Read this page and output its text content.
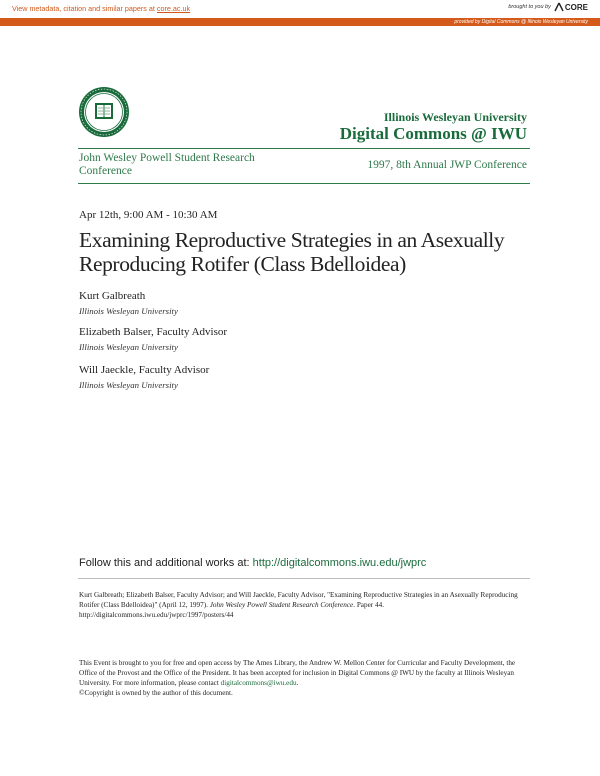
View metadata, citation and similar papers at core.ac.uk	brought to you by CORE
provided by Digital Commons @ Illinois Wesleyan University
Illinois Wesleyan University
Digital Commons @ IWU
John Wesley Powell Student Research Conference	1997, 8th Annual JWP Conference
Apr 12th, 9:00 AM - 10:30 AM
Examining Reproductive Strategies in an Asexually Reproducing Rotifer (Class Bdelloidea)
Kurt Galbreath
Illinois Wesleyan University
Elizabeth Balser, Faculty Advisor
Illinois Wesleyan University
Will Jaeckle, Faculty Advisor
Illinois Wesleyan University
Follow this and additional works at: http://digitalcommons.iwu.edu/jwprc
Kurt Galbreath; Elizabeth Balser, Faculty Advisor; and Will Jaeckle, Faculty Advisor, "Examining Reproductive Strategies in an Asexually Reproducing Rotifer (Class Bdelloidea)" (April 12, 1997). John Wesley Powell Student Research Conference. Paper 44.
http://digitalcommons.iwu.edu/jwprc/1997/posters/44
This Event is brought to you for free and open access by The Ames Library, the Andrew W. Mellon Center for Curricular and Faculty Development, the Office of the Provost and the Office of the President. It has been accepted for inclusion in Digital Commons @ IWU by the faculty at Illinois Wesleyan University. For more information, please contact digitalcommons@iwu.edu.
©Copyright is owned by the author of this document.
